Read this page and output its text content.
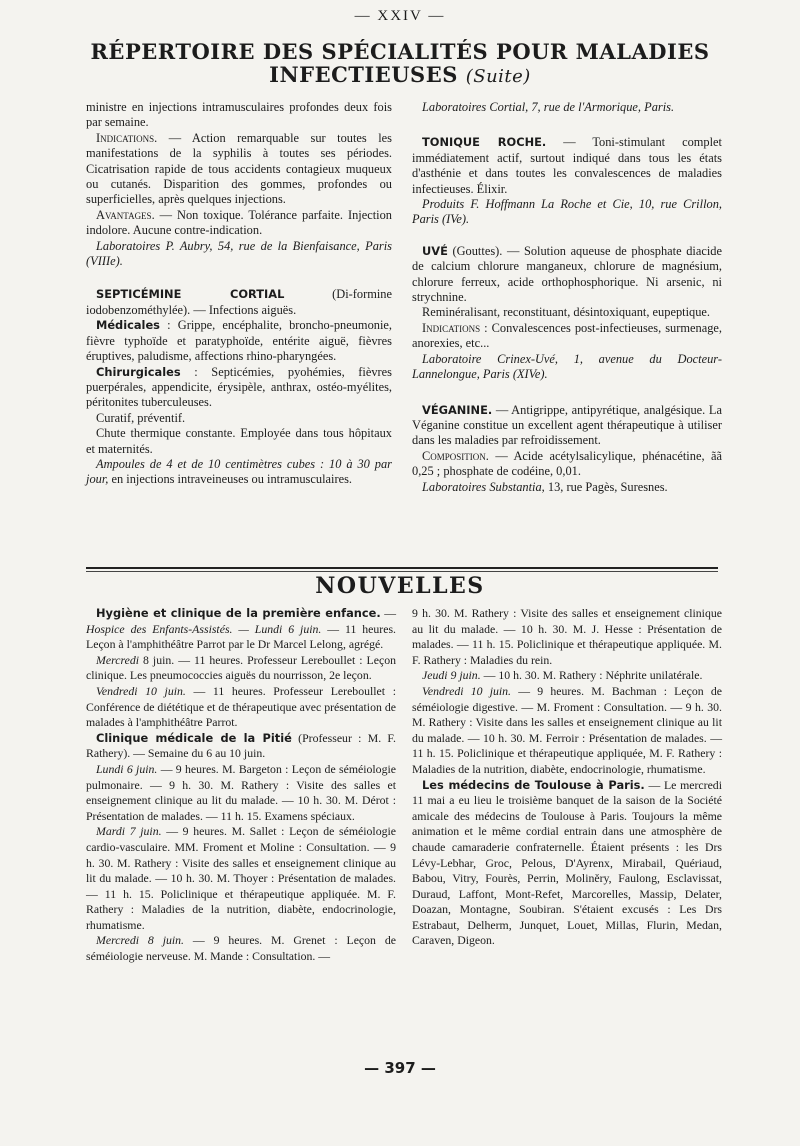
— XXIV —
RÉPERTOIRE DES SPÉCIALITÉS POUR MALADIES
INFECTIEUSES (Suite)

ministre en injections intramusculaires profondes deux fois par semaine.

Indications. — Action remarquable sur toutes les manifestations de la syphilis à toutes ses périodes. Cicatrisation rapide de tous accidents contagieux muqueux ou cutanés. Disparition des gommes, profondes ou superficielles, après quelques injections.

Avantages. — Non toxique. Tolérance parfaite. Injection indolore. Aucune contre-indication.

Laboratoires P. Aubry, 54, rue de la Bienfaisance, Paris (VIIIe).

SEPTICÉMINE CORTIAL (Di-formine iodobenzométhylée). — Infections aiguës.

Médicales : Grippe, encéphalite, broncho-pneumonie, fièvre typhoïde et paratyphoïde, entérite aiguë, fièvres éruptives, paludisme, affections rhino-pharyngées.

Chirurgicales : Septicémies, pyohémies, fièvres puerpérales, appendicite, érysipèle, anthrax, ostéo-myélites, péritonites tuberculeuses.

Curatif, préventif.

Chute thermique constante. Employée dans tous hôpitaux et maternités.

Ampoules de 4 et de 10 centimètres cubes : 10 à 30 par jour, en injections intraveineuses ou intramusculaires.

Laboratoires Cortial, 7, rue de l'Armorique, Paris.

TONIQUE ROCHE. — Toni-stimulant complet immédiatement actif, surtout indiqué dans tous les états d'asthénie et dans toutes les convalescences de maladies infectieuses. Élixir.

Produits F. Hoffmann La Roche et Cie, 10, rue Crillon, Paris (IVe).

UVÉ (Gouttes). — Solution aqueuse de phosphate diacide de calcium chlorure manganeux, chlorure de magnésium, chlorure ferreux, acide orthophosphorique. Ni arsenic, ni strychnine.

Reminéralisant, reconstituant, désintoxiquant, eupeptique.

Indications : Convalescences post-infectieuses, surmenage, anorexies, etc...

Laboratoire Crinex-Uvé, 1, avenue du Docteur-Lannelongue, Paris (XIVe).

VÉGANINE. — Antigrippe, antipyrétique, analgésique. La Véganine constitue un excellent agent thérapeutique à utiliser dans les maladies par refroidissement.

Composition. — Acide acétylsalicylique, phénacétine, ãã 0,25 ; phosphate de codéine, 0,01.

Laboratoires Substantia, 13, rue Pagès, Suresnes.

NOUVELLES

Hygiène et clinique de la première enfance. — Hospice des Enfants-Assistés. — Lundi 6 juin. — 11 heures. Leçon à l'amphithéâtre Parrot par le Dr Marcel Lelong, agrégé.

Mercredi 8 juin. — 11 heures. Professeur Lereboullet : Leçon clinique. Les pneumococcies aiguës du nourrisson, 2e leçon.

Vendredi 10 juin. — 11 heures. Professeur Lereboullet : Conférence de diététique et de thérapeutique avec présentation de malades à l'amphithéâtre Parrot.

Clinique médicale de la Pitié (Professeur : M. F. Rathery). — Semaine du 6 au 10 juin.

Lundi 6 juin. — 9 heures. M. Bargeton : Leçon de séméiologie pulmonaire. — 9 h. 30. M. Rathery : Visite des salles et enseignement clinique au lit du malade. — 10 h. 30. M. Dérot : Présentation de malades. — 11 h. 15. Examens spéciaux.

Mardi 7 juin. — 9 heures. M. Sallet : Leçon de séméiologie cardio-vasculaire. MM. Froment et Moline : Consultation. — 9 h. 30. M. Rathery : Visite des salles et enseignement clinique au lit du malade. — 10 h. 30. M. Thoyer : Présentation de malades. — 11 h. 15. Policlinique et thérapeutique appliquée. M. F. Rathery : Maladies de la nutrition, diabète, endocrinologie, rhumatisme.

Mercredi 8 juin. — 9 heures. M. Grenet : Leçon de séméiologie nerveuse. M. Mande : Consultation. —

9 h. 30. M. Rathery : Visite des salles et enseignement clinique au lit du malade. — 10 h. 30. M. J. Hesse : Présentation de malades. — 11 h. 15. Policlinique et thérapeutique appliquée. M. F. Rathery : Maladies du rein.

Jeudi 9 juin. — 10 h. 30. M. Rathery : Néphrite unilatérale.

Vendredi 10 juin. — 9 heures. M. Bachman : Leçon de séméiologie digestive. — M. Froment : Consultation. — 9 h. 30. M. Rathery : Visite dans les salles et enseignement clinique au lit du malade. — 10 h. 30. M. Ferroir : Présentation de malades. — 11 h. 15. Policlinique et thérapeutique appliquée, M. F. Rathery : Maladies de la nutrition, diabète, endocrinologie, rhumatisme.

Les médecins de Toulouse à Paris. — Le mercredi 11 mai a eu lieu le troisième banquet de la saison de la Société amicale des médecins de Toulouse à Paris. Toujours la même animation et le même cordial entrain dans une atmosphère de chaude camaraderie confraternelle. Étaient présents : les Drs Lévy-Lebhar, Groc, Pelous, D'Ayrenx, Mirabail, Quériaud, Babou, Vitry, Fourès, Perrin, Moliněry, Faulong, Esclavissat, Duraud, Laffont, Mont-Refet, Marcorelles, Massip, Delater, Doazan, Montagne, Soubiran. S'étaient excusés : Les Drs Estrabaut, Delherm, Junquet, Louet, Millas, Flurin, Medan, Caraven, Digeon.

— 397 —
